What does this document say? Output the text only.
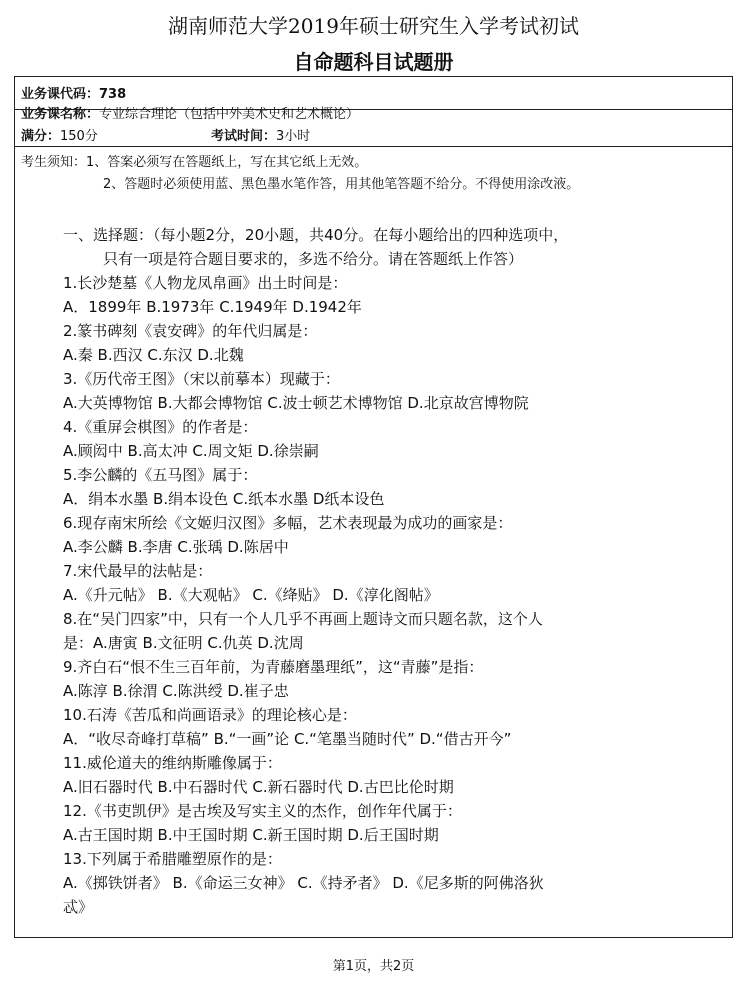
湖南师范大学2019年硕士研究生入学考试初试
自命题科目试题册
业务课代码：738
业务课名称：专业综合理论（包括中外美术史和艺术概论）
满分：150分	考试时间：3小时
考生须知：1、答案必须写在答题纸上，写在其它纸上无效。
2、答题时必须使用蓝、黑色墨水笔作答，用其他笔答题不给分。不得使用涂改液。
一、选择题：（每小题2分，20小题，共40分。在每小题给出的四种选项中，
只有一项是符合题目要求的，多选不给分。请在答题纸上作答）
1.长沙楚墓《人物龙凤帛画》出土时间是：
A．1899年 B.1973年 C.1949年 D.1942年
2.篆书碑刻《袁安碑》的年代归属是：
A.秦 B.西汉 C.东汉 D.北魏
3.《历代帝王图》（宋以前摹本）现藏于：
A.大英博物馆 B.大都会博物馆 C.波士顿艺术博物馆 D.北京故宫博物院
4.《重屏会棋图》的作者是：
A.顾闳中 B.高太冲 C.周文矩 D.徐崇嗣
5.李公麟的《五马图》属于：
A．绢本水墨 B.绢本设色 C.纸本水墨 D纸本设色
6.现存南宋所绘《文姬归汉图》多幅，艺术表现最为成功的画家是：
A.李公麟 B.李唐 C.张瑀 D.陈居中
7.宋代最早的法帖是：
A.《升元帖》 B.《大观帖》 C.《绛贴》 D.《淳化阁帖》
8.在“吴门四家”中，只有一个人几乎不再画上题诗文而只题名款，这个人
是：A.唐寅 B.文征明 C.仇英 D.沈周
9.齐白石“恨不生三百年前，为青藤磨墨理纸”，这“青藤”是指：
A.陈淳 B.徐渭 C.陈洪绶 D.崔子忠
10.石涛《苦瓜和尚画语录》的理论核心是：
A．“收尽奇峰打草稿” B.“一画”论 C.“笔墨当随时代” D.“借古开今”
11.威伦道夫的维纳斯雕像属于：
A.旧石器时代 B.中石器时代 C.新石器时代 D.古巴比伦时期
12.《书吏凯伊》是古埃及写实主义的杰作，创作年代属于：
A.古王国时期 B.中王国时期 C.新王国时期 D.后王国时期
13.下列属于希腊雕塑原作的是：
A.《掷铁饼者》 B.《命运三女神》 C.《持矛者》 D.《尼多斯的阿佛洛狄
忒》
第1页，共2页
